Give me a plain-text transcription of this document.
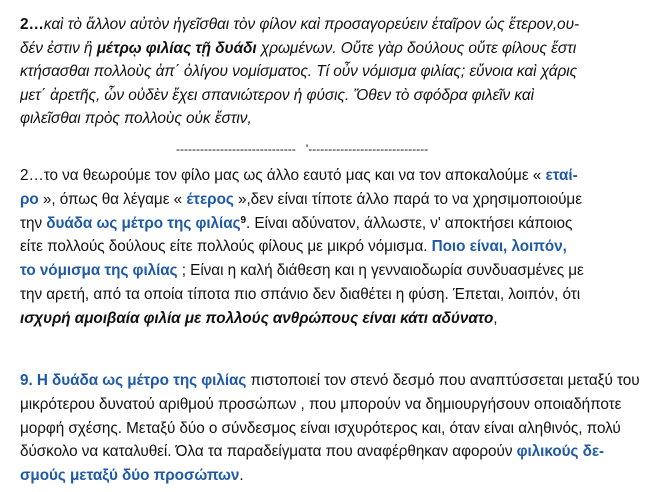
2…καὶ τὸ ἄλλον αὐτὸν ἡγεῖσθαι τὸν φίλον καὶ προσαγορεύειν ἑταῖρον ὡς ἕτερον,ου-
δέν ἐστιν ἢ μέτρῳ φιλίας τῇ δυάδι χρωμένων. Οὔτε γὰρ δούλους οὔτε φίλους ἔστι
κτήσασθαι πολλοὺς ἀπ΄ ὀλίγου νομίσματος. Τί οὖν νόμισμα φιλίας; εὔνοια καὶ χάρις
μετ΄ ἀρετῆς, ὧν οὐδὲν ἔχει σπανιώτερον ἡ φύσις. Ὅθεν τὸ σφόδρα φιλεῖν καὶ
φιλεῖσθαι πρὸς πολλοὺς οὐκ ἔστιν,
------------------------------   '------------------------------
2…το να θεωρούμε τον φίλο μας ως άλλο εαυτό μας και να τον αποκαλούμε « εταί-
ρο », όπως θα λέγαμε « έτερος »,δεν είναι τίποτε άλλο παρά το να χρησιμοποιούμε
την δυάδα ως μέτρο της φιλίας$^9$. Είναι αδύνατον, άλλωστε, ν' αποκτήσει κάποιος
είτε πολλούς δούλους είτε πολλούς φίλους με μικρό νόμισμα. Ποιο είναι, λοιπόν,
το νόμισμα της φιλίας ; Είναι η καλή διάθεση και η γενναιοδωρία συνδυασμένες με
την αρετή, από τα οποία τίποτα πιο σπάνιο δεν διαθέτει η φύση. Έπεται, λοιπόν, ότι
ισχυρή αμοιβαία φιλία με πολλούς ανθρώπους είναι κάτι αδύνατο,
9. Η δυάδα ως μέτρο της φιλίας πιστοποιεί τον στενό δεσμό που αναπτύσσεται μεταξύ του
μικρότερου δυνατού αριθμού προσώπων , που μπορούν να δημιουργήσουν οποιαδήποτε
μορφή σχέσης. Μεταξύ δύο ο σύνδεσμος είναι ισχυρότερος και, όταν είναι αληθινός, πολύ
δύσκολο να καταλυθεί. Όλα τα παραδείγματα που αναφέρθηκαν αφορούν φιλικούς δε-
σμούς μεταξύ δύο προσώπων.
